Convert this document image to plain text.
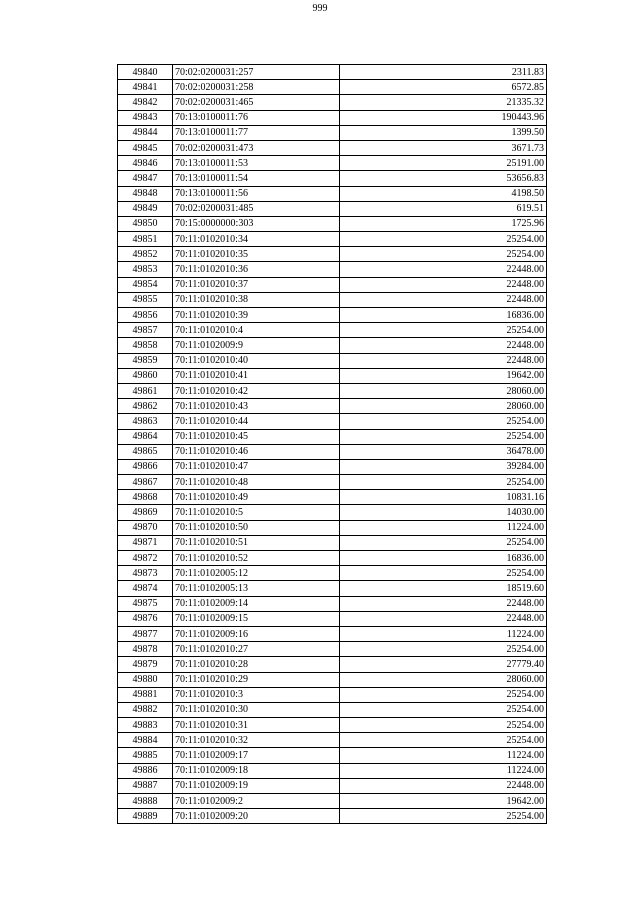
999
49840	70:02:0200031:257	2311.83
49841	70:02:0200031:258	6572.85
49842	70:02:0200031:465	21335.32
49843	70:13:0100011:76	190443.96
49844	70:13:0100011:77	1399.50
49845	70:02:0200031:473	3671.73
49846	70:13:0100011:53	25191.00
49847	70:13:0100011:54	53656.83
49848	70:13:0100011:56	4198.50
49849	70:02:0200031:485	619.51
49850	70:15:0000000:303	1725.96
49851	70:11:0102010:34	25254.00
49852	70:11:0102010:35	25254.00
49853	70:11:0102010:36	22448.00
49854	70:11:0102010:37	22448.00
49855	70:11:0102010:38	22448.00
49856	70:11:0102010:39	16836.00
49857	70:11:0102010:4	25254.00
49858	70:11:0102009:9	22448.00
49859	70:11:0102010:40	22448.00
49860	70:11:0102010:41	19642.00
49861	70:11:0102010:42	28060.00
49862	70:11:0102010:43	28060.00
49863	70:11:0102010:44	25254.00
49864	70:11:0102010:45	25254.00
49865	70:11:0102010:46	36478.00
49866	70:11:0102010:47	39284.00
49867	70:11:0102010:48	25254.00
49868	70:11:0102010:49	10831.16
49869	70:11:0102010:5	14030.00
49870	70:11:0102010:50	11224.00
49871	70:11:0102010:51	25254.00
49872	70:11:0102010:52	16836.00
49873	70:11:0102005:12	25254.00
49874	70:11:0102005:13	18519.60
49875	70:11:0102009:14	22448.00
49876	70:11:0102009:15	22448.00
49877	70:11:0102009:16	11224.00
49878	70:11:0102010:27	25254.00
49879	70:11:0102010:28	27779.40
49880	70:11:0102010:29	28060.00
49881	70:11:0102010:3	25254.00
49882	70:11:0102010:30	25254.00
49883	70:11:0102010:31	25254.00
49884	70:11:0102010:32	25254.00
49885	70:11:0102009:17	11224.00
49886	70:11:0102009:18	11224.00
49887	70:11:0102009:19	22448.00
49888	70:11:0102009:2	19642.00
49889	70:11:0102009:20	25254.00
